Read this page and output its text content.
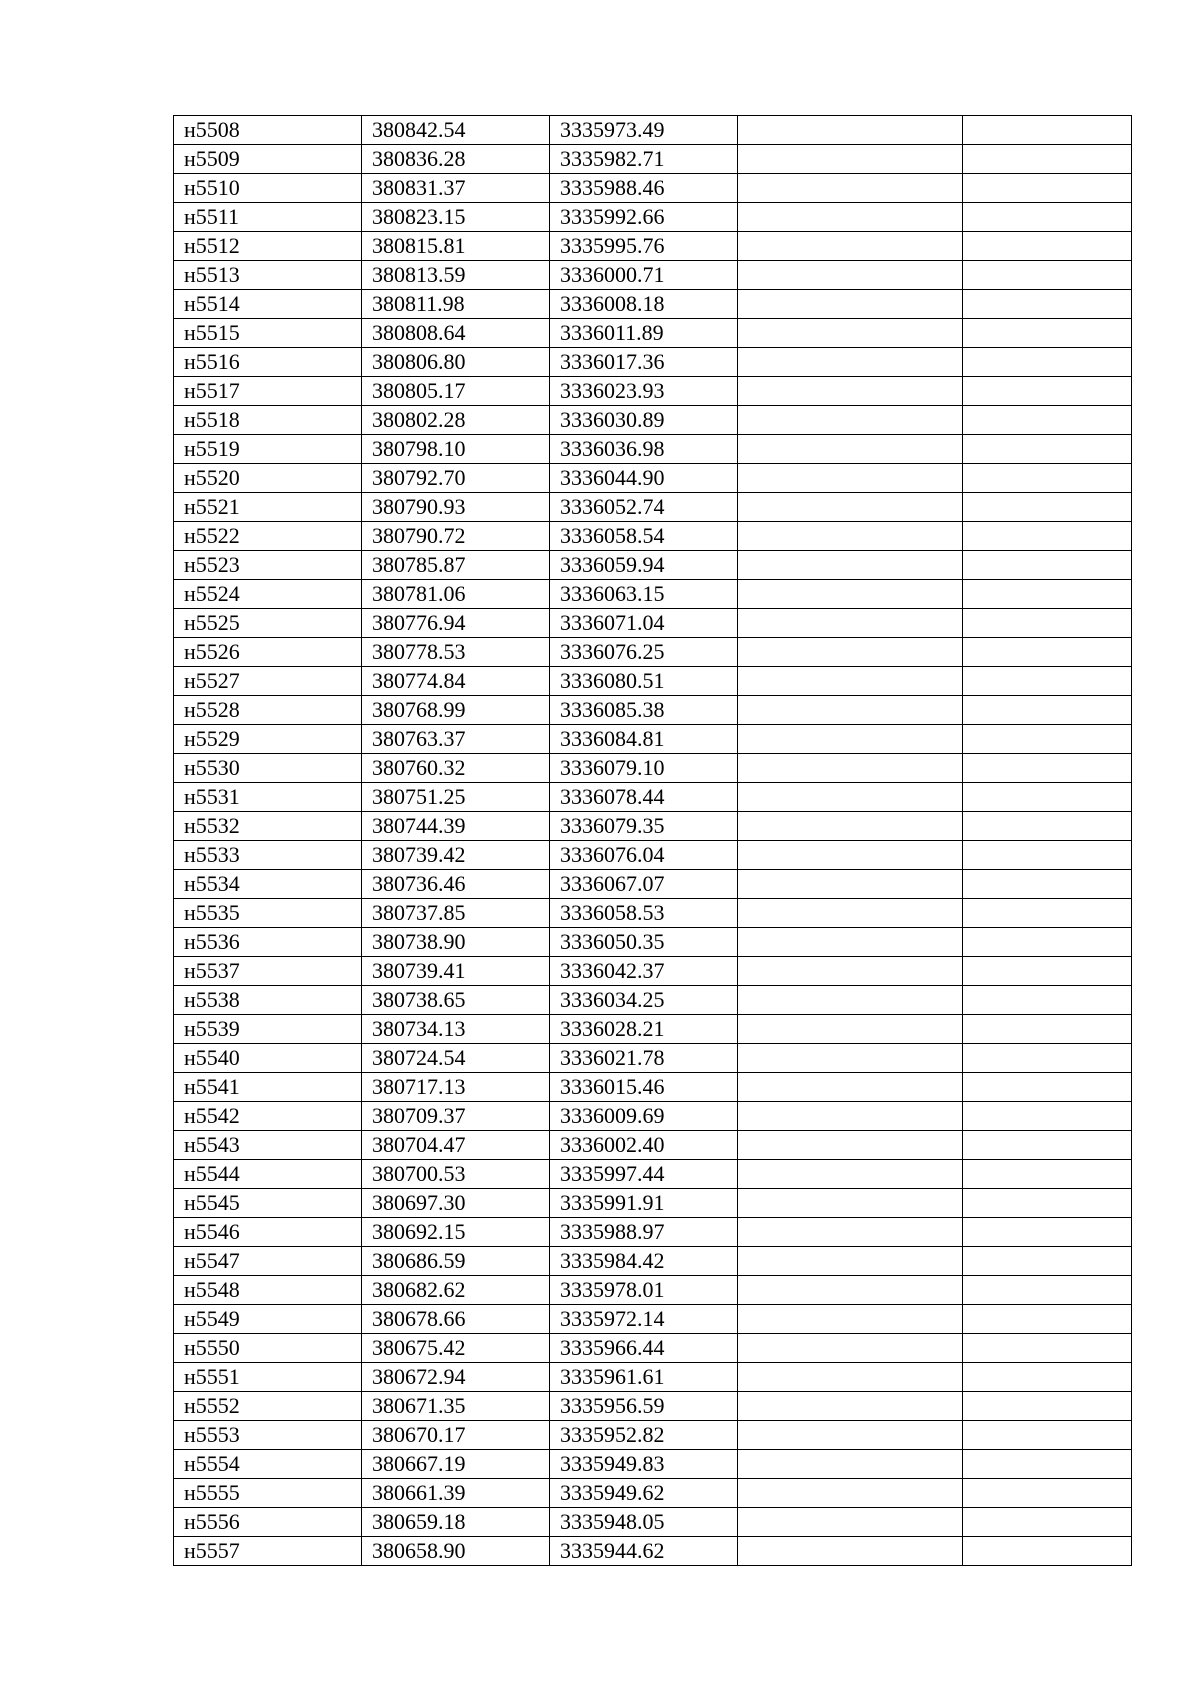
н5508	380842.54	3335973.49		
н5509	380836.28	3335982.71		
н5510	380831.37	3335988.46		
н5511	380823.15	3335992.66		
н5512	380815.81	3335995.76		
н5513	380813.59	3336000.71		
н5514	380811.98	3336008.18		
н5515	380808.64	3336011.89		
н5516	380806.80	3336017.36		
н5517	380805.17	3336023.93		
н5518	380802.28	3336030.89		
н5519	380798.10	3336036.98		
н5520	380792.70	3336044.90		
н5521	380790.93	3336052.74		
н5522	380790.72	3336058.54		
н5523	380785.87	3336059.94		
н5524	380781.06	3336063.15		
н5525	380776.94	3336071.04		
н5526	380778.53	3336076.25		
н5527	380774.84	3336080.51		
н5528	380768.99	3336085.38		
н5529	380763.37	3336084.81		
н5530	380760.32	3336079.10		
н5531	380751.25	3336078.44		
н5532	380744.39	3336079.35		
н5533	380739.42	3336076.04		
н5534	380736.46	3336067.07		
н5535	380737.85	3336058.53		
н5536	380738.90	3336050.35		
н5537	380739.41	3336042.37		
н5538	380738.65	3336034.25		
н5539	380734.13	3336028.21		
н5540	380724.54	3336021.78		
н5541	380717.13	3336015.46		
н5542	380709.37	3336009.69		
н5543	380704.47	3336002.40		
н5544	380700.53	3335997.44		
н5545	380697.30	3335991.91		
н5546	380692.15	3335988.97		
н5547	380686.59	3335984.42		
н5548	380682.62	3335978.01		
н5549	380678.66	3335972.14		
н5550	380675.42	3335966.44		
н5551	380672.94	3335961.61		
н5552	380671.35	3335956.59		
н5553	380670.17	3335952.82		
н5554	380667.19	3335949.83		
н5555	380661.39	3335949.62		
н5556	380659.18	3335948.05		
н5557	380658.90	3335944.62		
